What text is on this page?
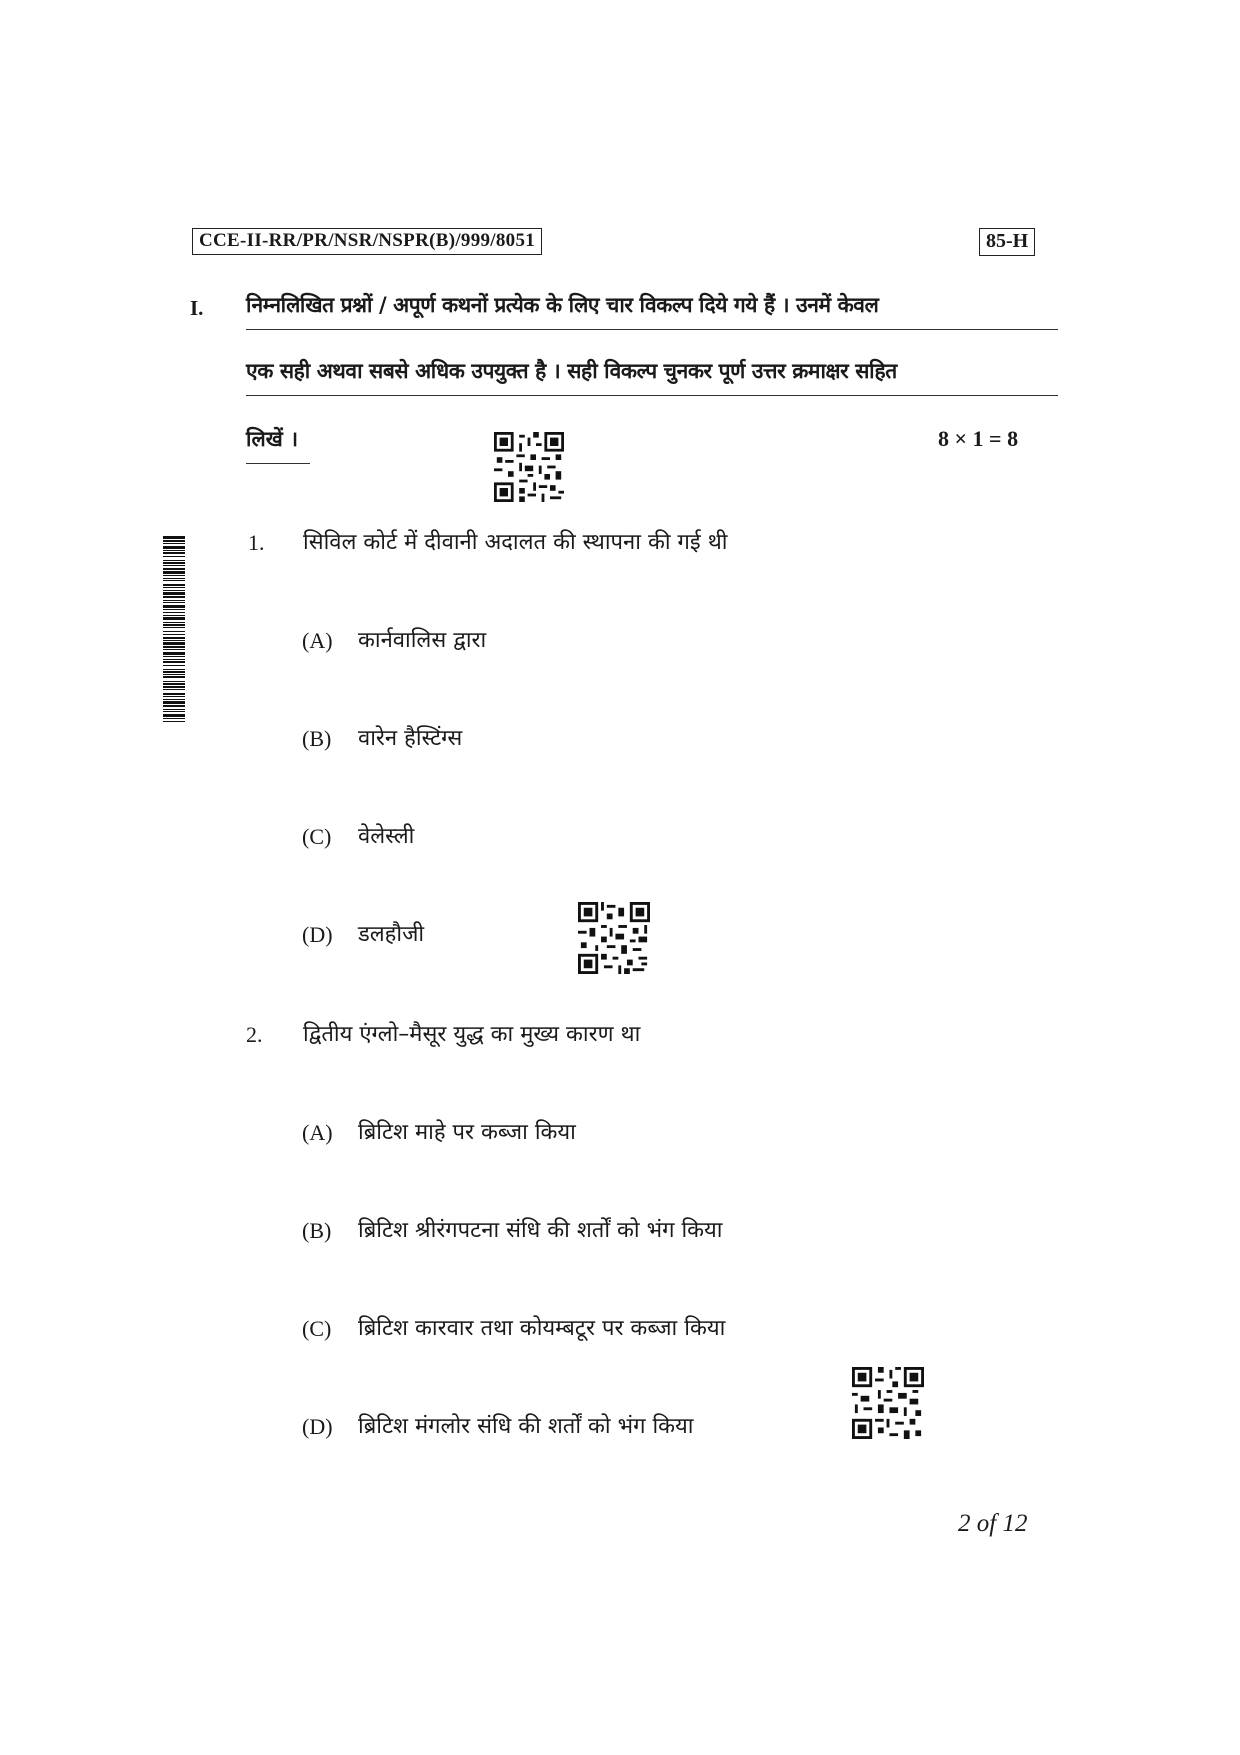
CCE-II-RR/PR/NSR/NSPR(B)/999/8051	85-H
I. निम्नलिखित प्रश्नों / अपूर्ण कथनों प्रत्येक के लिए चार विकल्प दिये गये हैं । उनमें केवल
एक सही अथवा सबसे अधिक उपयुक्त है । सही विकल्प चुनकर पूर्ण उत्तर क्रमाक्षर सहित
लिखें ।	8 × 1 = 8
1. सिविल कोर्ट में दीवानी अदालत की स्थापना की गई थी
(A) कार्नवालिस द्वारा
(B) वारेन हैस्टिंग्स
(C) वेलेस्ली
(D) डलहौजी
2. द्वितीय एंग्लो–मैसूर युद्ध का मुख्य कारण था
(A) ब्रिटिश माहे पर कब्जा किया
(B) ब्रिटिश श्रीरंगपटना संधि की शर्तों को भंग किया
(C) ब्रिटिश कारवार तथा कोयम्बटूर पर कब्जा किया
(D) ब्रिटिश मंगलोर संधि की शर्तों को भंग किया
2 of 12
